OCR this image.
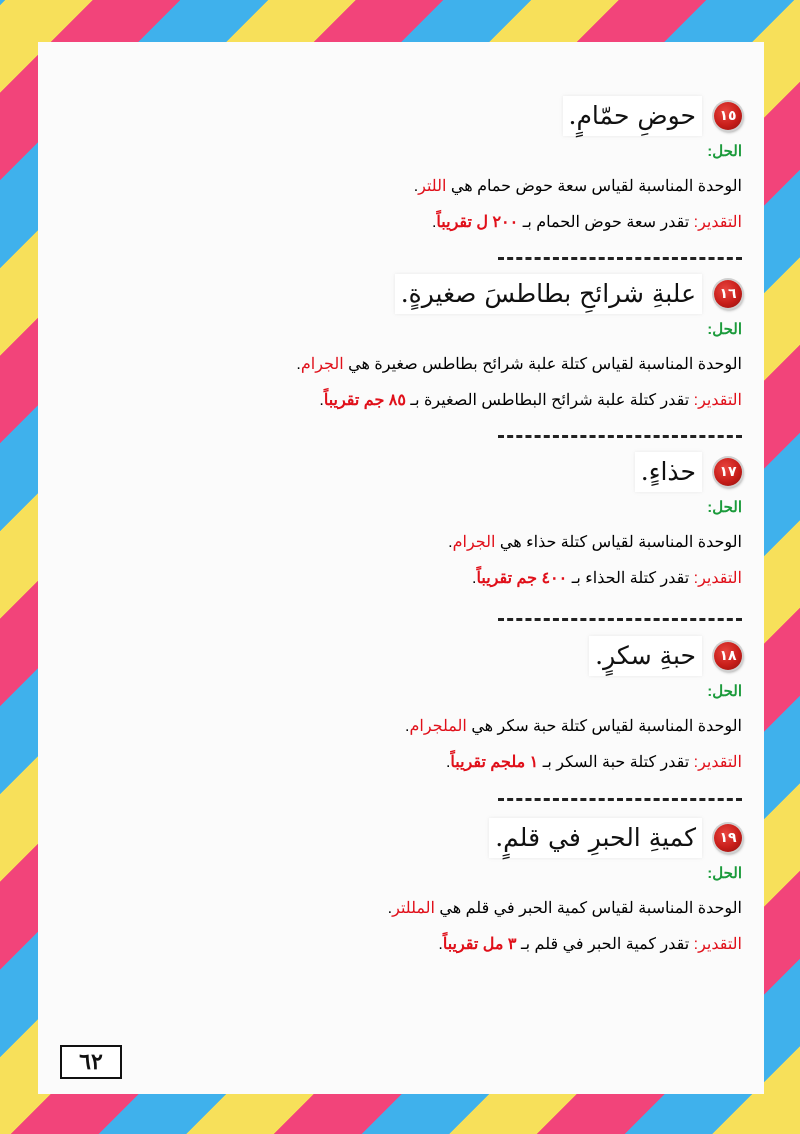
١٥
حوضِ حمّامٍ.
الحل:
الوحدة المناسبة لقياس سعة حوض حمام هي اللتر.
التقدير: تقدر سعة حوض الحمام بـ ٢٠٠ ل تقريباً.
١٦
علبةِ شرائحِ بطاطسَ صغيرةٍ.
الحل:
الوحدة المناسبة لقياس كتلة علبة شرائح بطاطس صغيرة هي الجرام.
التقدير: تقدر كتلة علبة شرائح البطاطس الصغيرة بـ ٨٥ جم تقريباً.
١٧
حذاءٍ.
الحل:
الوحدة المناسبة لقياس كتلة حذاء هي الجرام.
التقدير: تقدر كتلة الحذاء بـ ٤٠٠ جم تقريباً.
١٨
حبةِ سكرٍ.
الحل:
الوحدة المناسبة لقياس كتلة حبة سكر هي الملجرام.
التقدير: تقدر كتلة حبة السكر بـ ١ ملجم تقريباً.
١٩
كميةِ الحبرِ في قلمٍ.
الحل:
الوحدة المناسبة لقياس كمية الحبر في قلم هي المللتر.
التقدير: تقدر كمية الحبر في قلم بـ ٣ مل تقريباً.
٦٢
